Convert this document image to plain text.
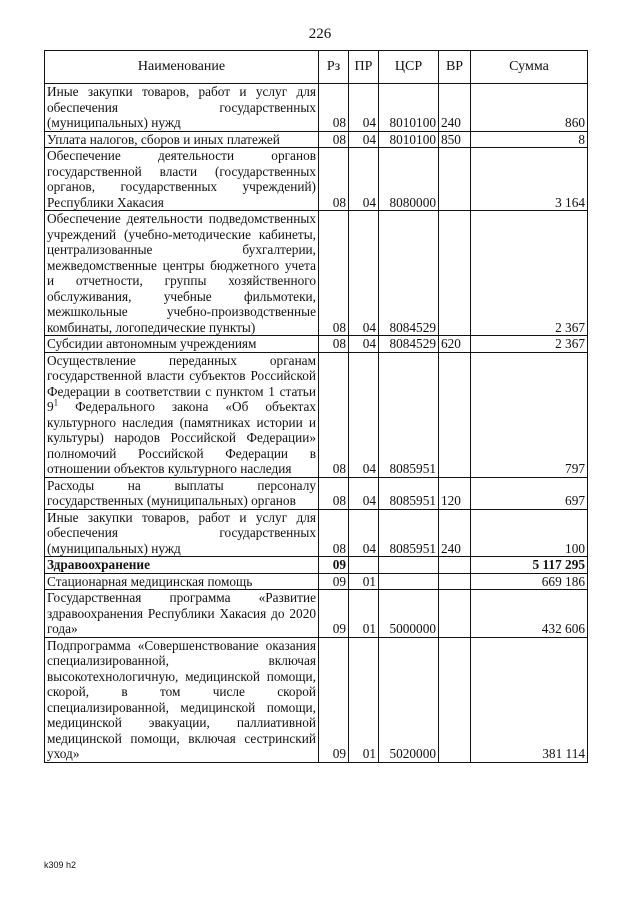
226
Наименование	Рз	ПР	ЦСР	ВР	Сумма
Иные закупки товаров, работ и услуг для обеспечения государственных (муниципальных) нужд	08	04	8010100	240	860
Уплата налогов, сборов и иных платежей	08	04	8010100	850	8
Обеспечение деятельности органов государственной власти (государственных органов, государственных учреждений) Республики Хакасия	08	04	8080000		3 164
Обеспечение деятельности подведомственных учреждений (учебно-методические кабинеты, централизованные бухгалтерии, межведомственные центры бюджетного учета и отчетности, группы хозяйственного обслуживания, учебные фильмотеки, межшкольные учебно-производственные комбинаты, логопедические пункты)	08	04	8084529		2 367
Субсидии автономным учреждениям	08	04	8084529	620	2 367
Осуществление переданных органам государственной власти субъектов Российской Федерации в соответствии с пунктом 1 статьи $9^1$ Федерального закона «Об объектах культурного наследия (памятниках истории и культуры) народов Российской Федерации» полномочий Российской Федерации в отношении объектов культурного наследия	08	04	8085951		797
Расходы на выплаты персоналу государственных (муниципальных) органов	08	04	8085951	120	697
Иные закупки товаров, работ и услуг для обеспечения государственных (муниципальных) нужд	08	04	8085951	240	100
Здравоохранение	09				5 117 295
Стационарная медицинская помощь	09	01			669 186
Государственная программа «Развитие здравоохранения Республики Хакасия до 2020 года»	09	01	5000000		432 606
Подпрограмма «Совершенствование оказания специализированной, включая высокотехнологичную, медицинской помощи, скорой, в том числе скорой специализированной, медицинской помощи, медицинской эвакуации, паллиативной медицинской помощи, включая сестринский уход»	09	01	5020000		381 114
k309 h2
